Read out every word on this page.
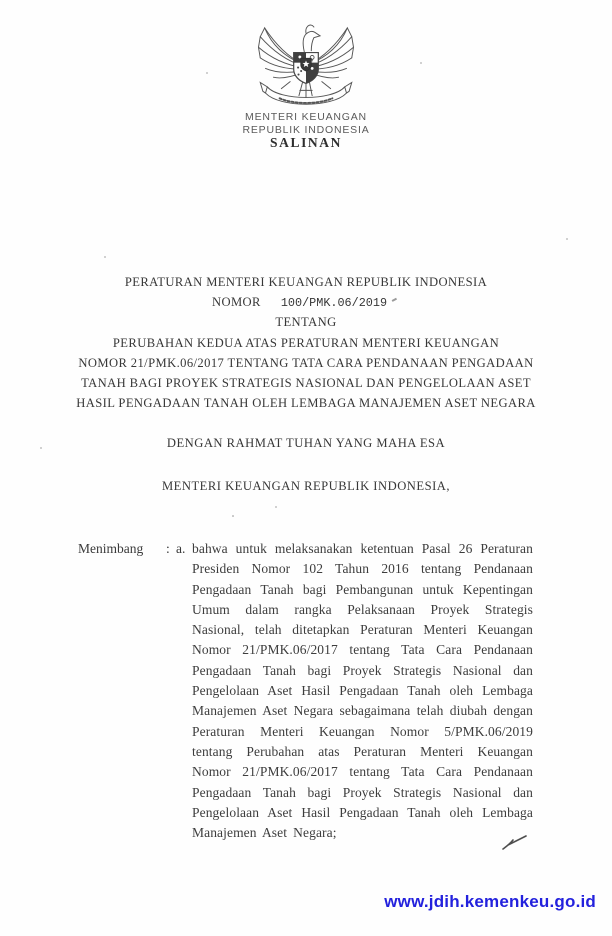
MENTERI KEUANGAN
REPUBLIK INDONESIA
SALINAN
PERATURAN MENTERI KEUANGAN REPUBLIK INDONESIA
NOMOR 100/PMK.06/2019
TENTANG
PERUBAHAN KEDUA ATAS PERATURAN MENTERI KEUANGAN
NOMOR 21/PMK.06/2017 TENTANG TATA CARA PENDANAAN PENGADAAN
TANAH BAGI PROYEK STRATEGIS NASIONAL DAN PENGELOLAAN ASET
HASIL PENGADAAN TANAH OLEH LEMBAGA MANAJEMEN ASET NEGARA
DENGAN RAHMAT TUHAN YANG MAHA ESA
MENTERI KEUANGAN REPUBLIK INDONESIA,
Menimbang : a. bahwa untuk melaksanakan ketentuan Pasal 26 Peraturan Presiden Nomor 102 Tahun 2016 tentang Pendanaan Pengadaan Tanah bagi Pembangunan untuk Kepentingan Umum dalam rangka Pelaksanaan Proyek Strategis Nasional, telah ditetapkan Peraturan Menteri Keuangan Nomor 21/PMK.06/2017 tentang Tata Cara Pendanaan Pengadaan Tanah bagi Proyek Strategis Nasional dan Pengelolaan Aset Hasil Pengadaan Tanah oleh Lembaga Manajemen Aset Negara sebagaimana telah diubah dengan Peraturan Menteri Keuangan Nomor 5/PMK.06/2019 tentang Perubahan atas Peraturan Menteri Keuangan Nomor 21/PMK.06/2017 tentang Tata Cara Pendanaan Pengadaan Tanah bagi Proyek Strategis Nasional dan Pengelolaan Aset Hasil Pengadaan Tanah oleh Lembaga Manajemen Aset Negara;
www.jdih.kemenkeu.go.id
